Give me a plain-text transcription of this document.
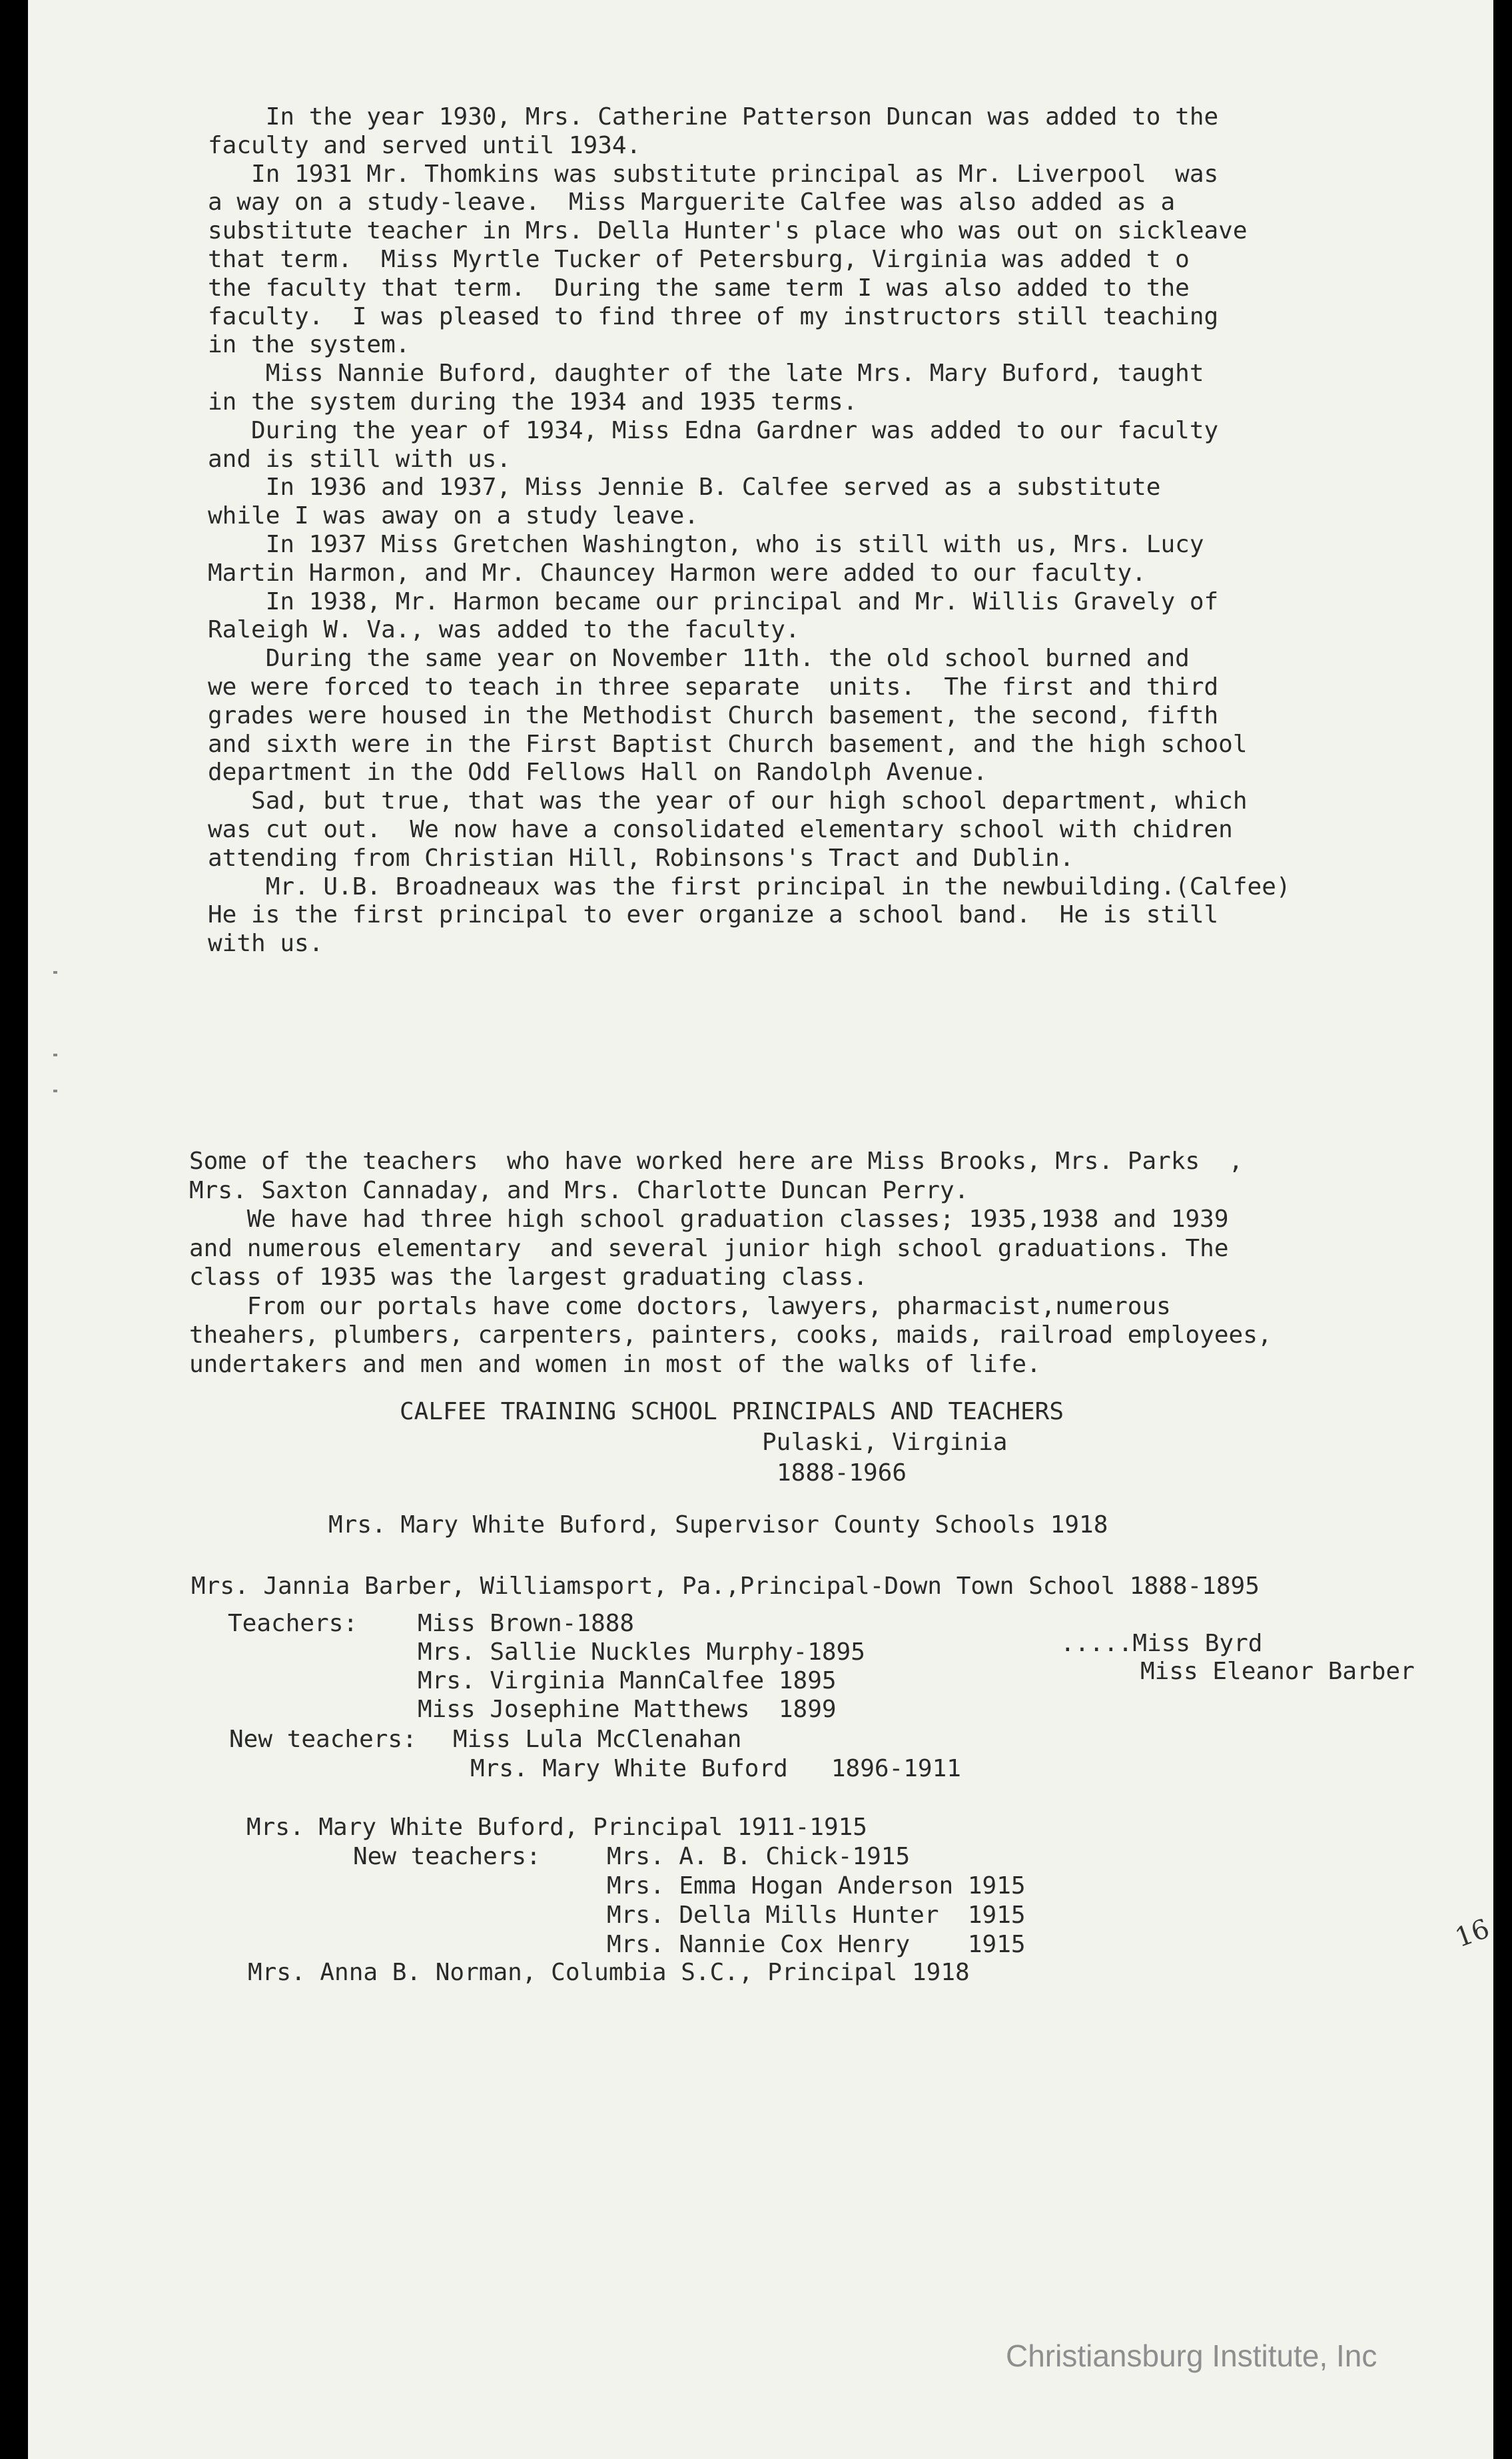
In the year 1930, Mrs. Catherine Patterson Duncan was added to the
faculty and served until 1934.
In 1931 Mr. Thomkins was substitute principal as Mr. Liverpool  was
a way on a study-leave.  Miss Marguerite Calfee was also added as a
substitute teacher in Mrs. Della Hunter's place who was out on sickleave
that term.  Miss Myrtle Tucker of Petersburg, Virginia was added t o
the faculty that term.  During the same term I was also added to the
faculty.  I was pleased to find three of my instructors still teaching
in the system.
Miss Nannie Buford, daughter of the late Mrs. Mary Buford, taught
in the system during the 1934 and 1935 terms.
During the year of 1934, Miss Edna Gardner was added to our faculty
and is still with us.
In 1936 and 1937, Miss Jennie B. Calfee served as a substitute
while I was away on a study leave.
In 1937 Miss Gretchen Washington, who is still with us, Mrs. Lucy
Martin Harmon, and Mr. Chauncey Harmon were added to our faculty.
In 1938, Mr. Harmon became our principal and Mr. Willis Gravely of
Raleigh W. Va., was added to the faculty.
During the same year on November 11th. the old school burned and
we were forced to teach in three separate  units.  The first and third
grades were housed in the Methodist Church basement, the second, fifth
and sixth were in the First Baptist Church basement, and the high school
department in the Odd Fellows Hall on Randolph Avenue.
Sad, but true, that was the year of our high school department, which
was cut out.  We now have a consolidated elementary school with chidren
attending from Christian Hill, Robinsons's Tract and Dublin.
Mr. U.B. Broadneaux was the first principal in the newbuilding.(Calfee)
He is the first principal to ever organize a school band.  He is still
with us.
Some of the teachers  who have worked here are Miss Brooks, Mrs. Parks  ,
Mrs. Saxton Cannaday, and Mrs. Charlotte Duncan Perry.
We have had three high school graduation classes; 1935,1938 and 1939
and numerous elementary  and several junior high school graduations. The
class of 1935 was the largest graduating class.
From our portals have come doctors, lawyers, pharmacist,numerous
theahers, plumbers, carpenters, painters, cooks, maids, railroad employees,
undertakers and men and women in most of the walks of life.
CALFEE TRAINING SCHOOL PRINCIPALS AND TEACHERS
Pulaski, Virginia
1888-1966
Mrs. Mary White Buford, Supervisor County Schools 1918
Mrs. Jannia Barber, Williamsport, Pa.,Principal-Down Town School 1888-1895
Teachers: Miss Brown-1888
Mrs. Sallie Nuckles Murphy-1895
Mrs. Virginia MannCalfee 1895
Miss Josephine Matthews  1899
.....Miss Byrd
Miss Eleanor Barber
New teachers: Miss Lula McClenahan
Mrs. Mary White Buford   1896-1911
Mrs. Mary White Buford, Principal 1911-1915
New teachers:	Mrs. A. B. Chick-1915
Mrs. Emma Hogan Anderson 1915
Mrs. Della Mills Hunter  1915
Mrs. Nannie Cox Henry    1915
Mrs. Anna B. Norman, Columbia S.C., Principal 1918
16
Christiansburg Institute, Inc
